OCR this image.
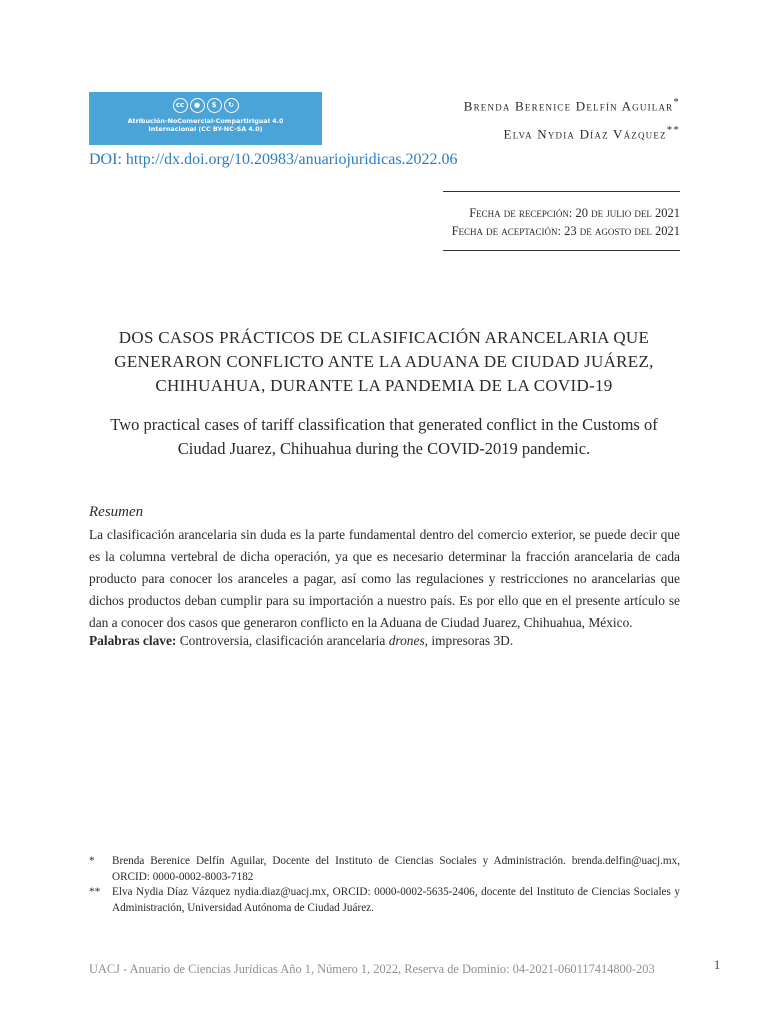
cc	●	$	↻
Atribución-NoComercial-CompartirIgual 4.0
Internacional (CC BY-NC-SA 4.0)
Brenda Berenice Delfín Aguilar*
Elva Nydia Díaz Vázquez**
DOI: http://dx.doi.org/10.20983/anuariojuridicas.2022.06
Fecha de recepción: 20 de julio del 2021
Fecha de aceptación: 23 de agosto del 2021
DOS CASOS PRÁCTICOS DE CLASIFICACIÓN ARANCELARIA QUE
GENERARON CONFLICTO ANTE LA ADUANA DE CIUDAD JUÁREZ,
CHIHUAHUA, DURANTE LA PANDEMIA DE LA COVID-19
Two practical cases of tariff classification that generated conflict in the Customs of
Ciudad Juarez, Chihuahua during the COVID-2019 pandemic.
Resumen
La clasificación arancelaria sin duda es la parte fundamental dentro del comercio exterior, se puede decir que es la columna vertebral de dicha operación, ya que es necesario determinar la fracción arancelaria de cada producto para conocer los aranceles a pagar, así como las regulaciones y restricciones no arancelarias que dichos productos deban cumplir para su importación a nuestro país. Es por ello que en el presente artículo se dan a conocer dos casos que generaron conflicto en la Aduana de Ciudad Juarez, Chihuahua, México.
Palabras clave: Controversia, clasificación arancelaria drones, impresoras 3D.
* Brenda Berenice Delfín Aguilar, Docente del Instituto de Ciencias Sociales y Administración. brenda.delfin@uacj.mx, ORCID: 0000-0002-8003-7182
** Elva Nydia Díaz Vázquez nydia.diaz@uacj.mx, ORCID: 0000-0002-5635-2406, docente del Instituto de Ciencias Sociales y Administración, Universidad Autónoma de Ciudad Juárez.
UACJ - Anuario de Ciencias Jurídicas Año 1, Número 1, 2022, Reserva de Dominio: 04-2021-060117414800-203	1
